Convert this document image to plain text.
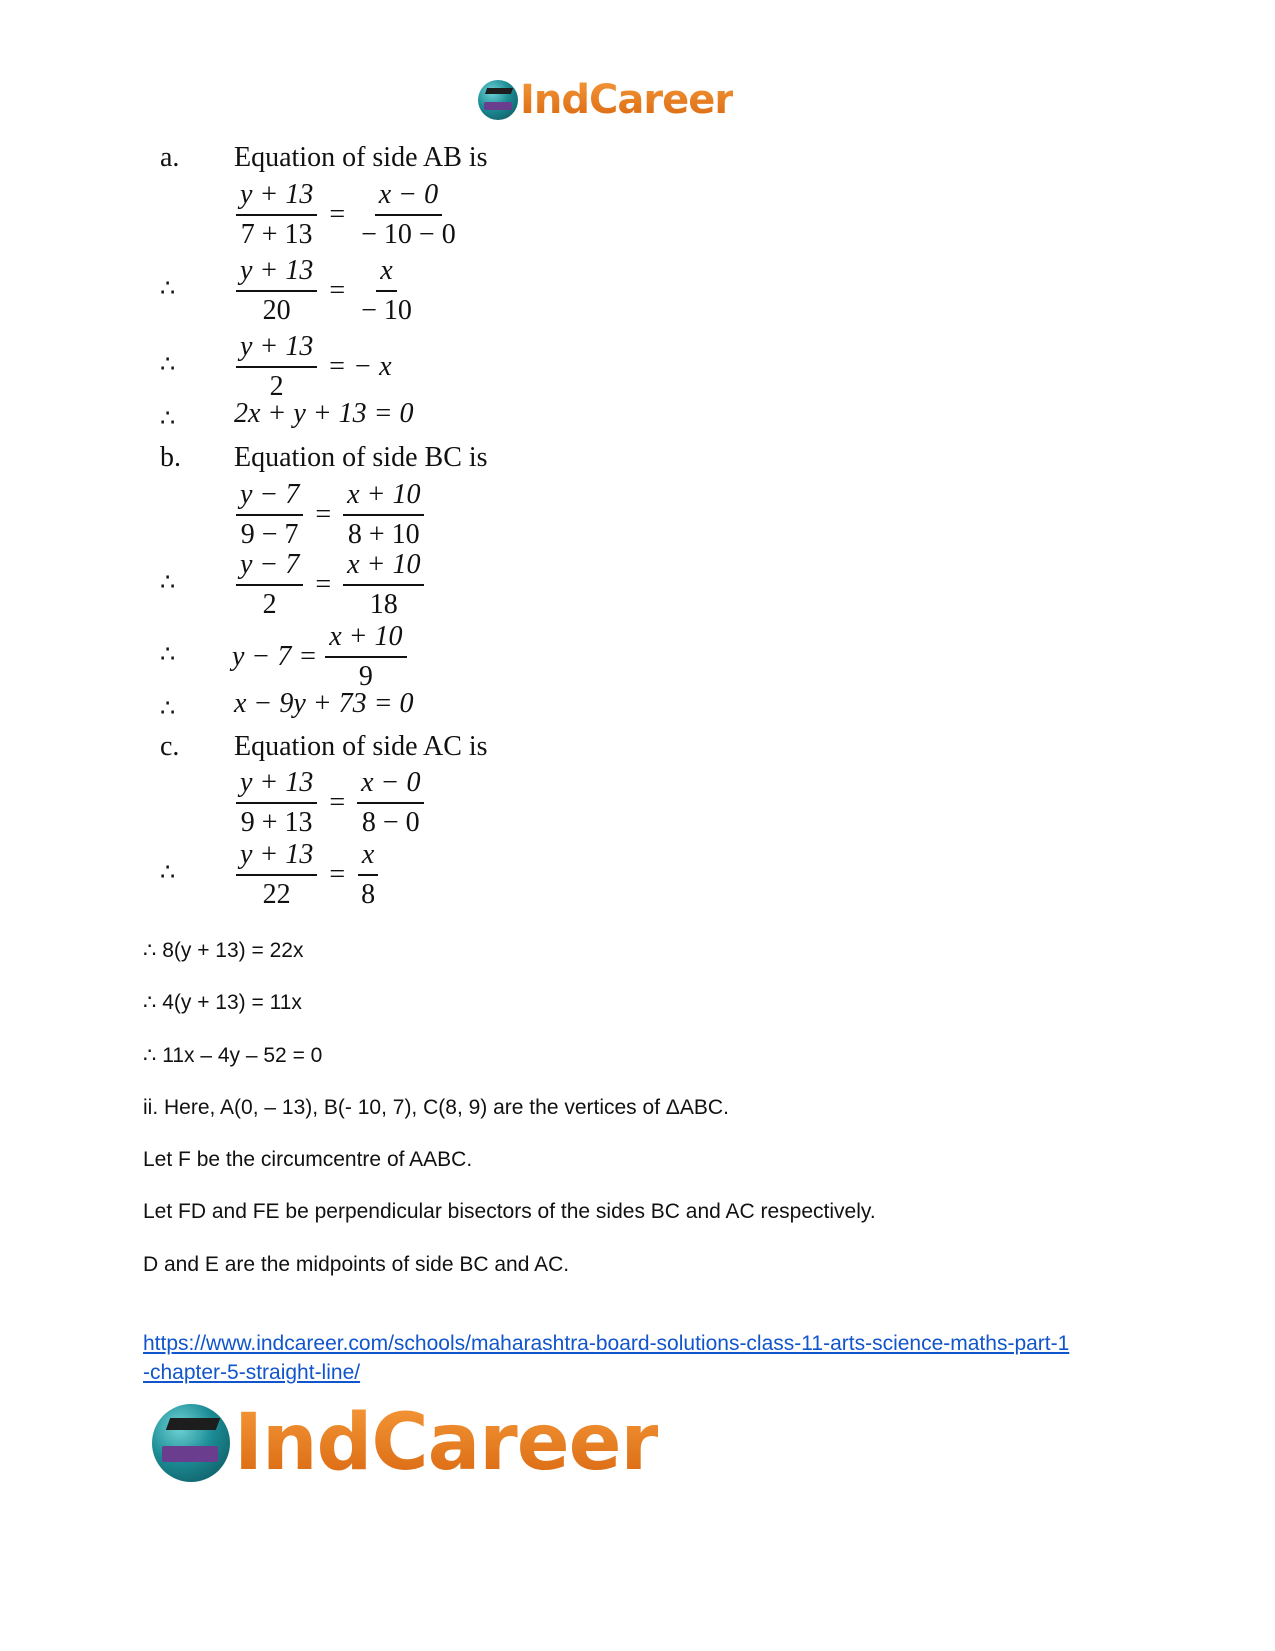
IndCareer
a. Equation of side AB is
$\frac{y + 13}{7 + 13} = \frac{x - 0}{- 10 - 0}$
∴ $\frac{y + 13}{20} = \frac{x}{- 10}$
∴ $\frac{y + 13}{2}$ = − x
∴ 2x + y + 13 = 0
b. Equation of side BC is
$\frac{y - 7}{9 - 7} = \frac{x + 10}{8 + 10}$
∴ $\frac{y - 7}{2} = \frac{x + 10}{18}$
∴ $y - 7 = \frac{x + 10}{9}$
∴ x − 9y + 73 = 0
c. Equation of side AC is
$\frac{y + 13}{9 + 13} = \frac{x - 0}{8 - 0}$
∴ $\frac{y + 13}{22} = \frac{x}{8}$
∴ 8(y + 13) = 22x
∴ 4(y + 13) = 11x
∴ 11x – 4y – 52 = 0
ii. Here, A(0, – 13), B(- 10, 7), C(8, 9) are the vertices of ΔABC.
Let F be the circumcentre of AABC.
Let FD and FE be perpendicular bisectors of the sides BC and AC respectively.
D and E are the midpoints of side BC and AC.
https://www.indcareer.com/schools/maharashtra-board-solutions-class-11-arts-science-maths-part-1-chapter-5-straight-line/
IndCareer
